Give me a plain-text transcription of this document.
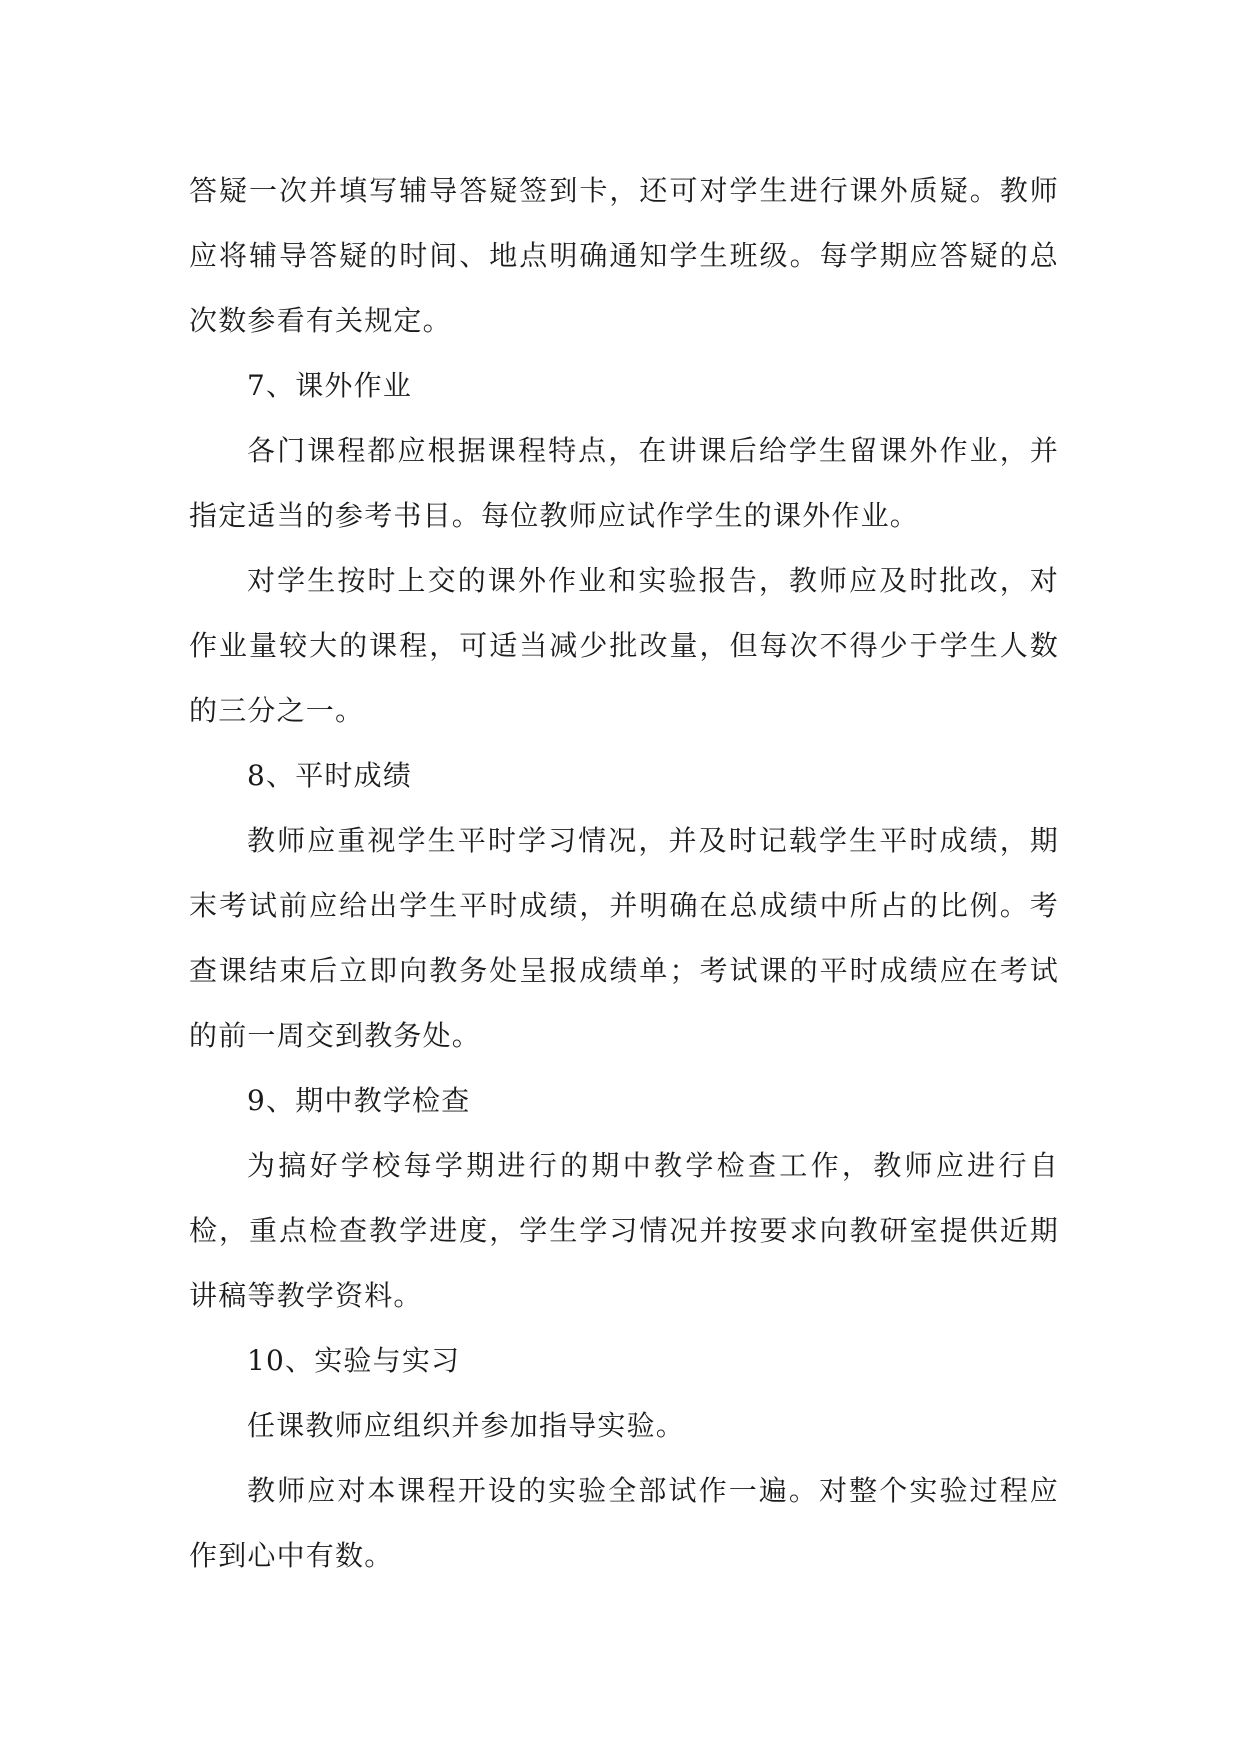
答疑一次并填写辅导答疑签到卡，还可对学生进行课外质疑。教师应将辅导答疑的时间、地点明确通知学生班级。每学期应答疑的总次数参看有关规定。

7、课外作业

各门课程都应根据课程特点，在讲课后给学生留课外作业，并指定适当的参考书目。每位教师应试作学生的课外作业。

对学生按时上交的课外作业和实验报告，教师应及时批改，对作业量较大的课程，可适当减少批改量，但每次不得少于学生人数的三分之一。

8、平时成绩

教师应重视学生平时学习情况，并及时记载学生平时成绩，期末考试前应给出学生平时成绩，并明确在总成绩中所占的比例。考查课结束后立即向教务处呈报成绩单；考试课的平时成绩应在考试的前一周交到教务处。

9、期中教学检查

为搞好学校每学期进行的期中教学检查工作，教师应进行自检，重点检查教学进度，学生学习情况并按要求向教研室提供近期讲稿等教学资料。

10、实验与实习

任课教师应组织并参加指导实验。

教师应对本课程开设的实验全部试作一遍。对整个实验过程应作到心中有数。
